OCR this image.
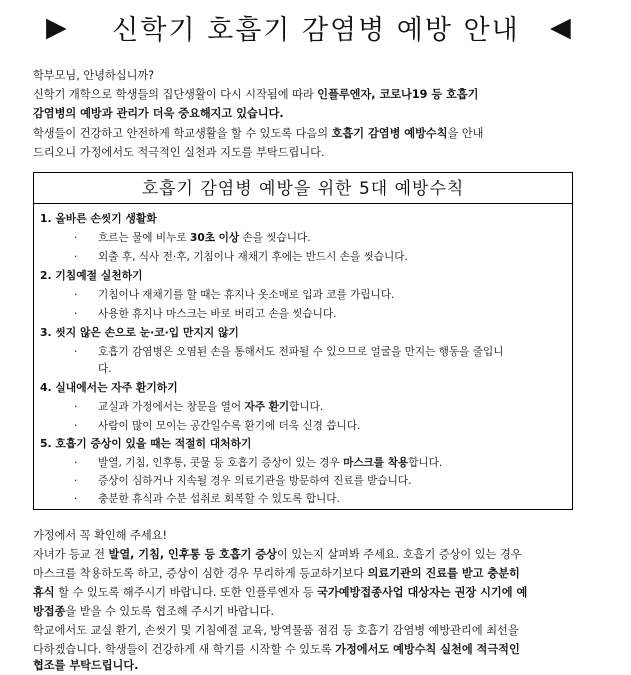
▶	신학기 호흡기 감염병 예방 안내	◀
학부모님, 안녕하십니까?
신학기 개학으로 학생들의 집단생활이 다시 시작됨에 따라 인플루엔자, 코로나19 등 호흡기
감염병의 예방과 관리가 더욱 중요해지고 있습니다.
학생들이 건강하고 안전하게 학교생활을 할 수 있도록 다음의 호흡기 감염병 예방수칙을 안내
드리오니 가정에서도 적극적인 실천과 지도를 부탁드립니다.
호흡기 감염병 예방을 위한 5대 예방수칙
1. 올바른 손씻기 생활화
· 흐르는 물에 비누로 30초 이상 손을 씻습니다.
· 외출 후, 식사 전·후, 기침이나 재채기 후에는 반드시 손을 씻습니다.
2. 기침예절 실천하기
· 기침이나 재채기를 할 때는 휴지나 옷소매로 입과 코를 가립니다.
· 사용한 휴지나 마스크는 바로 버리고 손을 씻습니다.
3. 씻지 않은 손으로 눈·코·입 만지지 않기
· 호흡기 감염병은 오염된 손을 통해서도 전파될 수 있으므로 얼굴을 만지는 행동을 줄입니
다.
4. 실내에서는 자주 환기하기
· 교실과 가정에서는 창문을 열어 자주 환기합니다.
· 사람이 많이 모이는 공간일수록 환기에 더욱 신경 씁니다.
5. 호흡기 증상이 있을 때는 적절히 대처하기
· 발열, 기침, 인후통, 콧물 등 호흡기 증상이 있는 경우 마스크를 착용합니다.
· 증상이 심하거나 지속될 경우 의료기관을 방문하여 진료를 받습니다.
· 충분한 휴식과 수분 섭취로 회복할 수 있도록 합니다.
가정에서 꼭 확인해 주세요!
자녀가 등교 전 발열, 기침, 인후통 등 호흡기 증상이 있는지 살펴봐 주세요. 호흡기 증상이 있는 경우
마스크를 착용하도록 하고, 증상이 심한 경우 무리하게 등교하기보다 의료기관의 진료를 받고 충분히
휴식 할 수 있도록 해주시기 바랍니다. 또한 인플루엔자 등 국가예방접종사업 대상자는 권장 시기에 예
방접종을 받을 수 있도록 협조해 주시기 바랍니다.
학교에서도 교실 환기, 손씻기 및 기침예절 교육, 방역물품 점검 등 호흡기 감염병 예방관리에 최선을
다하겠습니다. 학생들이 건강하게 새 학기를 시작할 수 있도록 가정에서도 예방수칙 실천에 적극적인
협조를 부탁드립니다.
